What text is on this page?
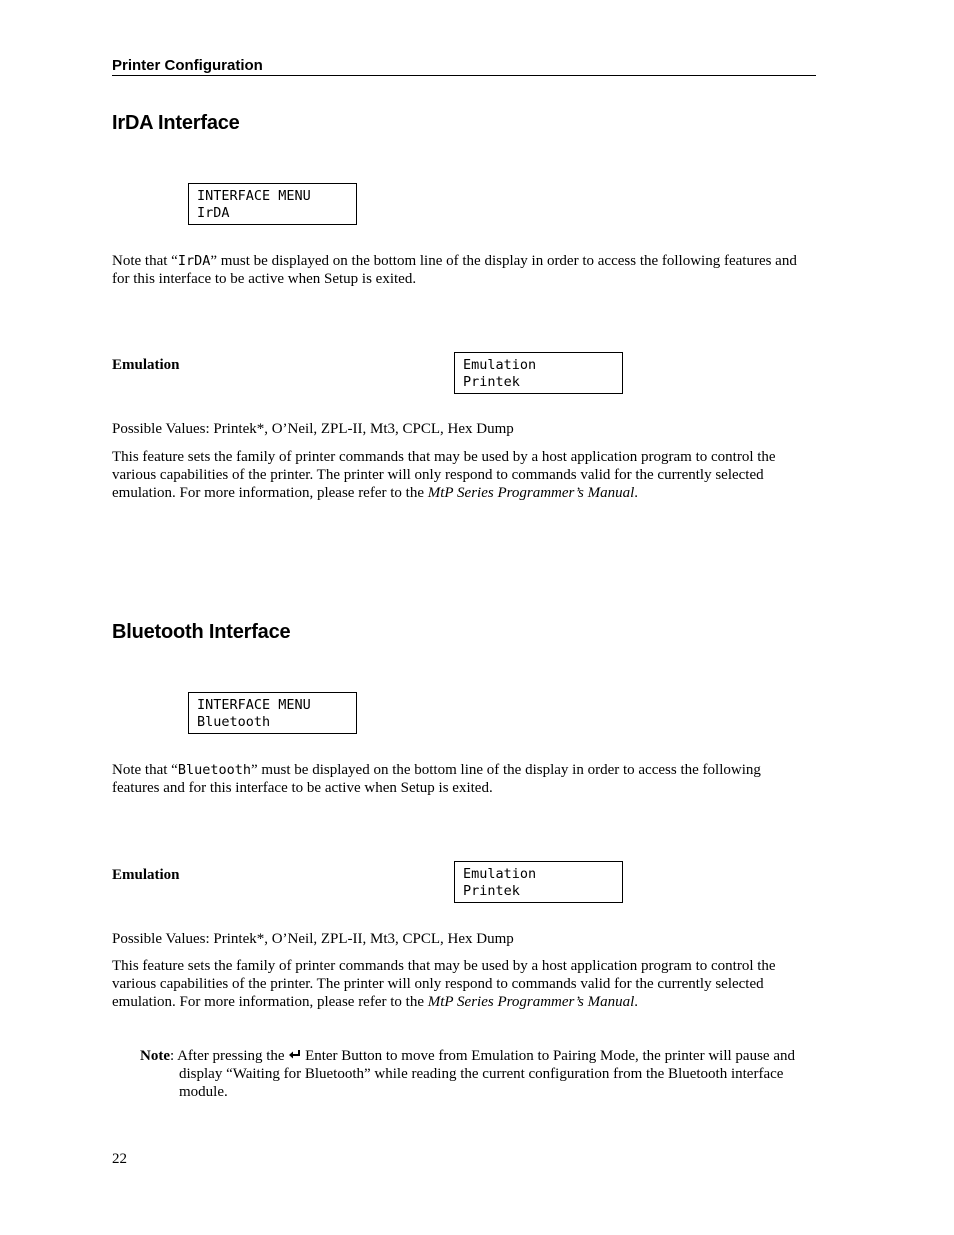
Printer Configuration
IrDA Interface
INTERFACE MENU
IrDA
Note that “IrDA” must be displayed on the bottom line of the display in order to access the following features and for this interface to be active when Setup is exited.
Emulation	Emulation
Printek
Possible Values: Printek*, O’Neil, ZPL-II, Mt3, CPCL, Hex Dump
This feature sets the family of printer commands that may be used by a host application program to control the various capabilities of the printer. The printer will only respond to commands valid for the currently selected emulation. For more information, please refer to the MtP Series Programmer’s Manual.
Bluetooth Interface
INTERFACE MENU
Bluetooth
Note that “Bluetooth” must be displayed on the bottom line of the display in order to access the following features and for this interface to be active when Setup is exited.
Emulation	Emulation
Printek
Possible Values: Printek*, O’Neil, ZPL-II, Mt3, CPCL, Hex Dump
This feature sets the family of printer commands that may be used by a host application program to control the various capabilities of the printer. The printer will only respond to commands valid for the currently selected emulation. For more information, please refer to the MtP Series Programmer’s Manual.
Note: After pressing the  Enter Button to move from Emulation to Pairing Mode, the printer will pause and display “Waiting for Bluetooth” while reading the current configuration from the Bluetooth interface module.
22
